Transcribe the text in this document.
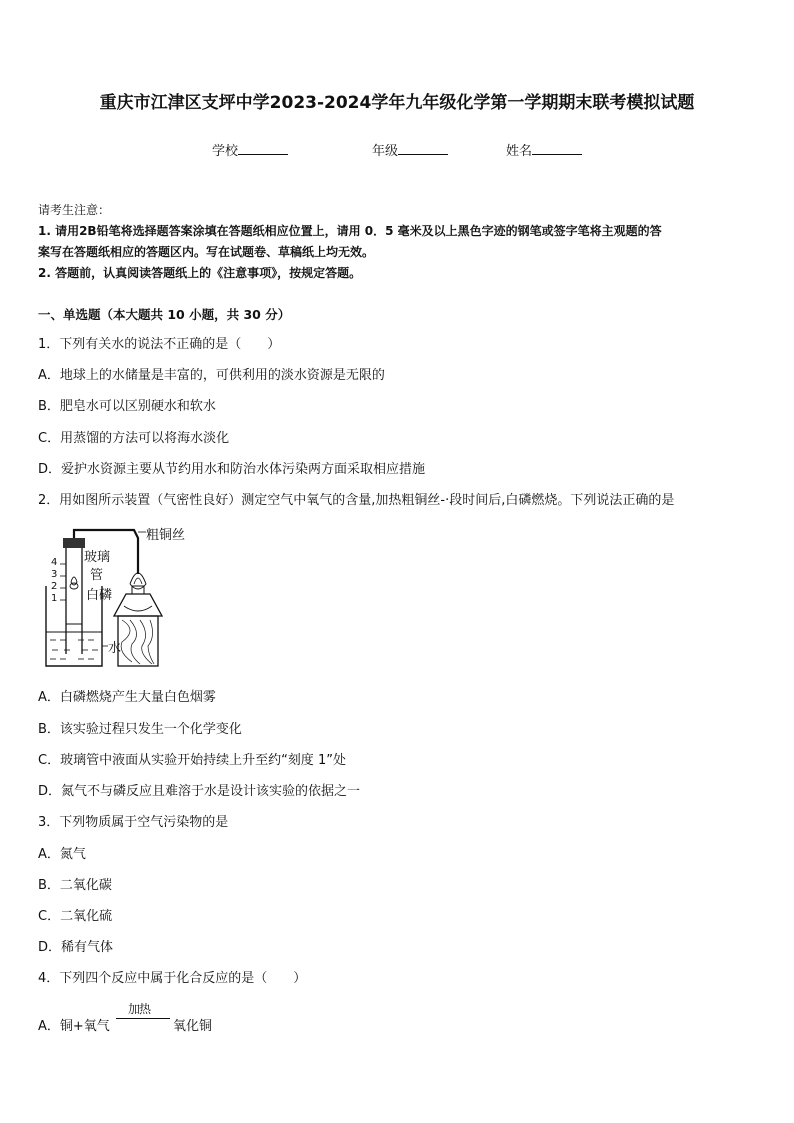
重庆市江津区支坪中学2023-2024学年九年级化学第一学期期末联考模拟试题
学校	年级	姓名
请考生注意：
1. 请用2B铅笔将选择题答案涂填在答题纸相应位置上，请用 0．5 毫米及以上黑色字迹的钢笔或签字笔将主观题的答
案写在答题纸相应的答题区内。写在试题卷、草稿纸上均无效。
2. 答题前，认真阅读答题纸上的《注意事项》，按规定答题。
一、单选题（本大题共 10 小题，共 30 分）
1．下列有关水的说法不正确的是（　　）
A．地球上的水储量是丰富的，可供利用的淡水资源是无限的
B．肥皂水可以区别硬水和软水
C．用蒸馏的方法可以将海水淡化
D．爱护水资源主要从节约用水和防治水体污染两方面采取相应措施
2．用如图所示装置（气密性良好）测定空气中氧气的含量,加热粗铜丝-·段时间后,白磷燃烧。下列说法正确的是
粗铜丝
玻璃
管
白磷
水
4
3
2
1
A．白磷燃烧产生大量白色烟雾
B．该实验过程只发生一个化学变化
C．玻璃管中液面从实验开始持续上升至约“刻度 1”处
D．氮气不与磷反应且难溶于水是设计该实验的依据之一
3．下列物质属于空气污染物的是
A．氮气
B．二氧化碳
C．二氧化硫
D．稀有气体
4．下列四个反应中属于化合反应的是（　　）
A．铜+氧气
加热
氧化铜
